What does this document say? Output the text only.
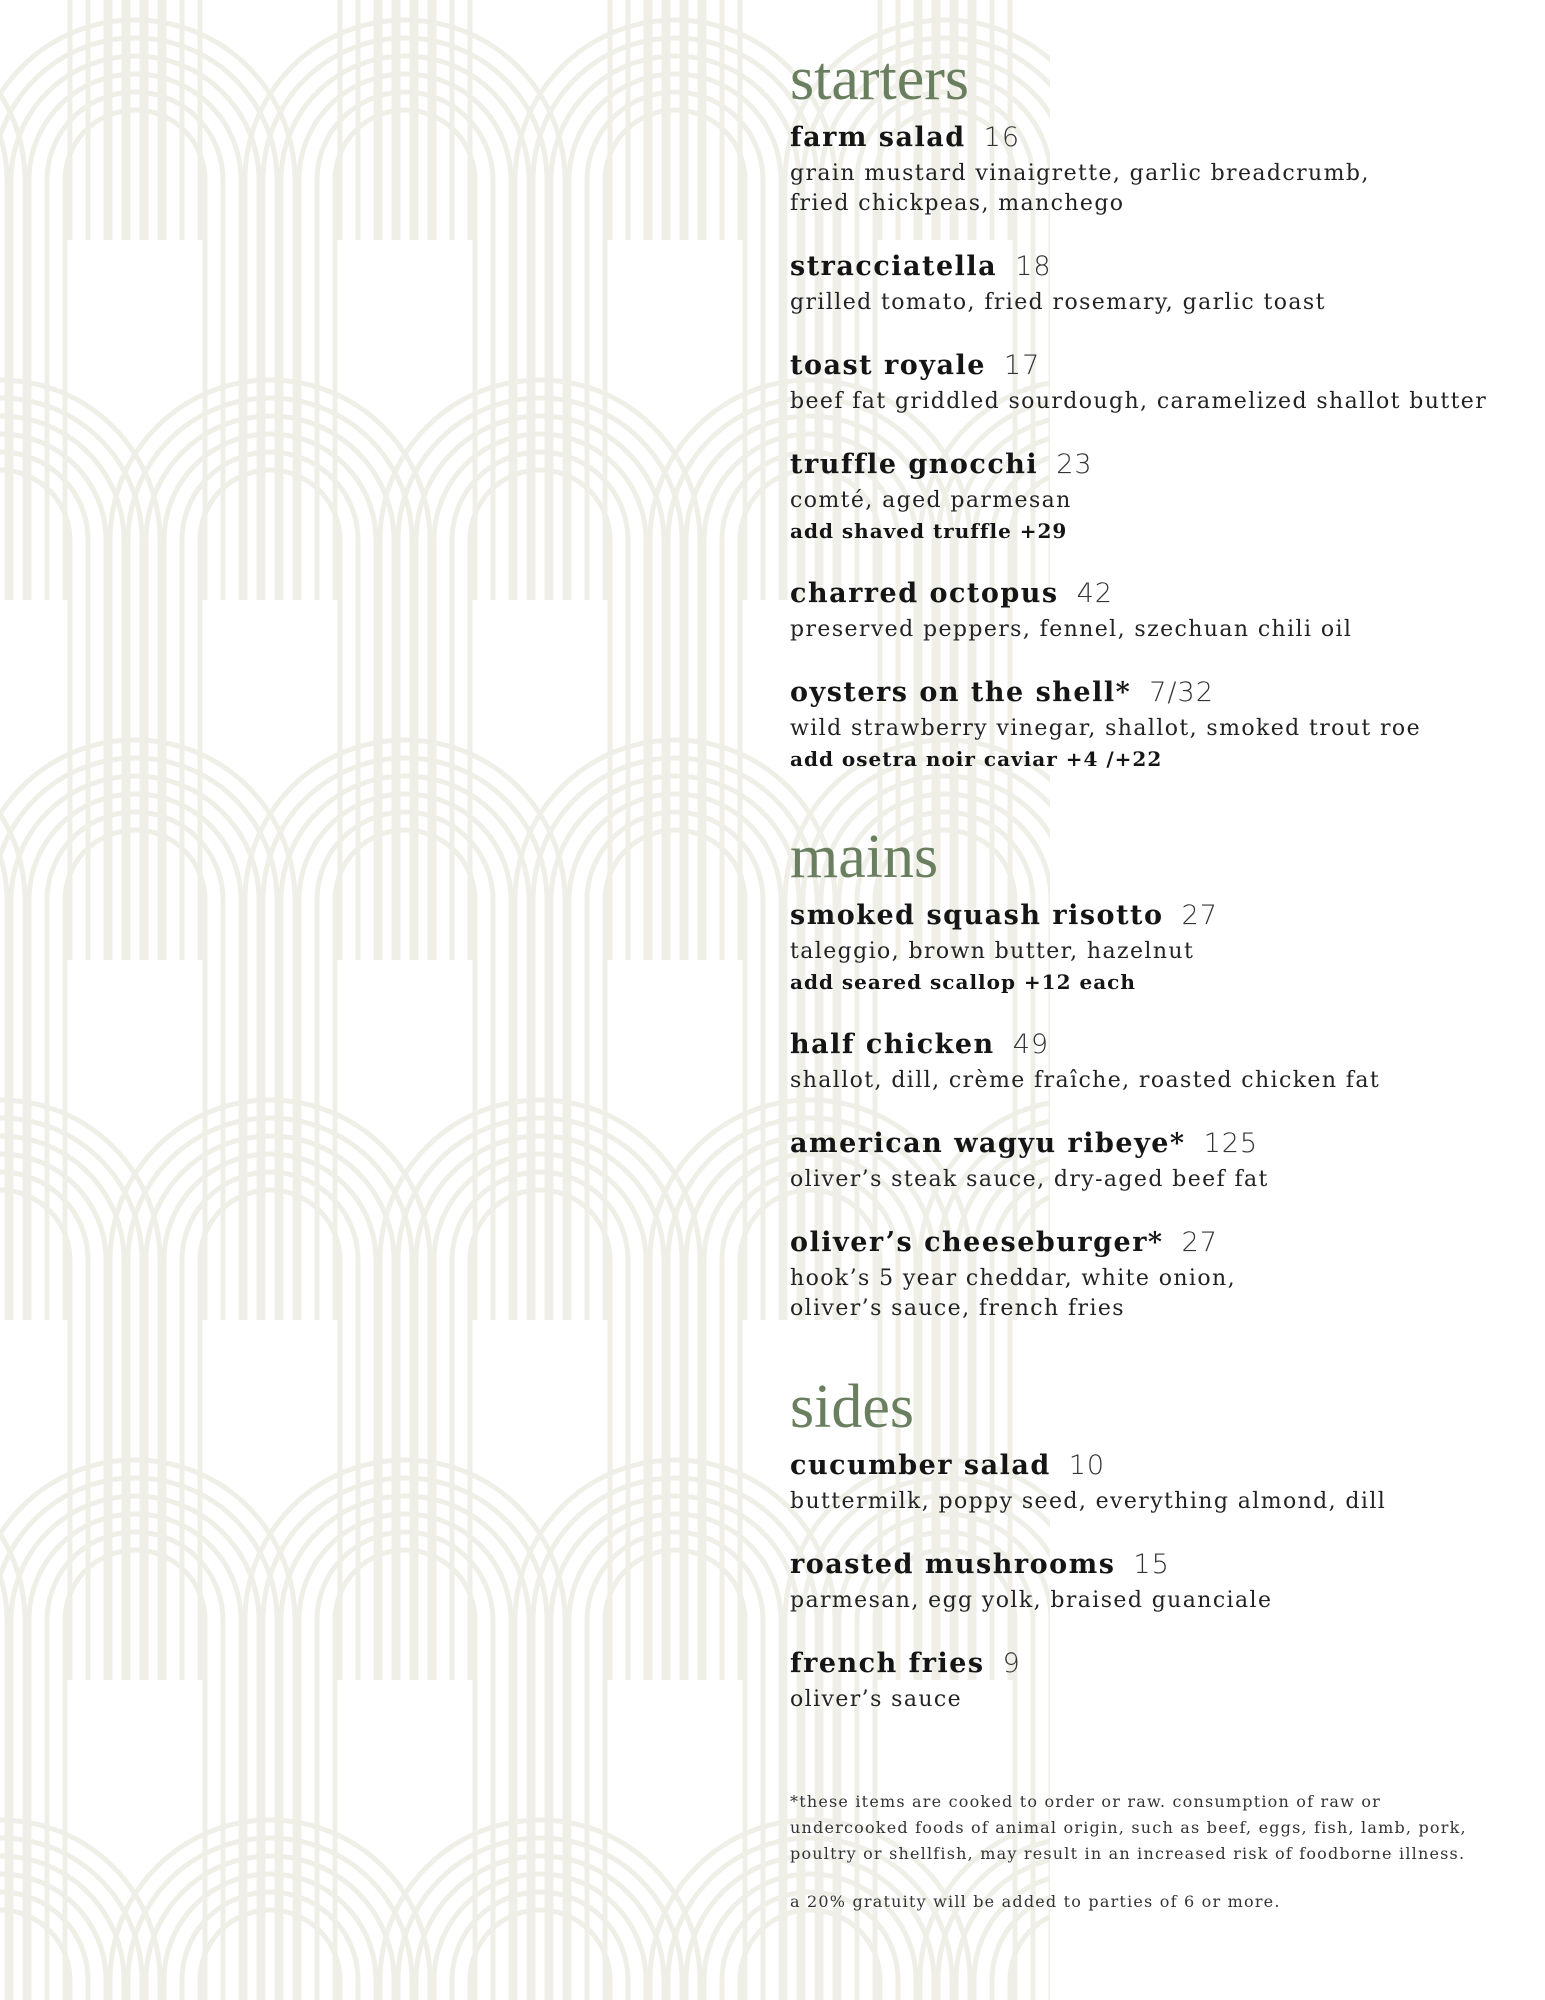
starters
farm salad 16
grain mustard vinaigrette, garlic breadcrumb,
fried chickpeas, manchego
stracciatella 18
grilled tomato, fried rosemary, garlic toast
toast royale 17
beef fat griddled sourdough, caramelized shallot butter
truffle gnocchi 23
comté, aged parmesan
add shaved truffle +29
charred octopus 42
preserved peppers, fennel, szechuan chili oil
oysters on the shell* 7/32
wild strawberry vinegar, shallot, smoked trout roe
add osetra noir caviar +4 /+22
mains
smoked squash risotto 27
taleggio, brown butter, hazelnut
add seared scallop +12 each
half chicken 49
shallot, dill, crème fraîche, roasted chicken fat
american wagyu ribeye* 125
oliver’s steak sauce, dry-aged beef fat
oliver’s cheeseburger* 27
hook’s 5 year cheddar, white onion,
oliver’s sauce, french fries
sides
cucumber salad 10
buttermilk, poppy seed, everything almond, dill
roasted mushrooms 15
parmesan, egg yolk, braised guanciale
french fries 9
oliver’s sauce

*these items are cooked to order or raw. consumption of raw or undercooked foods of animal origin, such as beef, eggs, fish, lamb, pork, poultry or shellfish, may result in an increased risk of foodborne illness.

a 20% gratuity will be added to parties of 6 or more.
